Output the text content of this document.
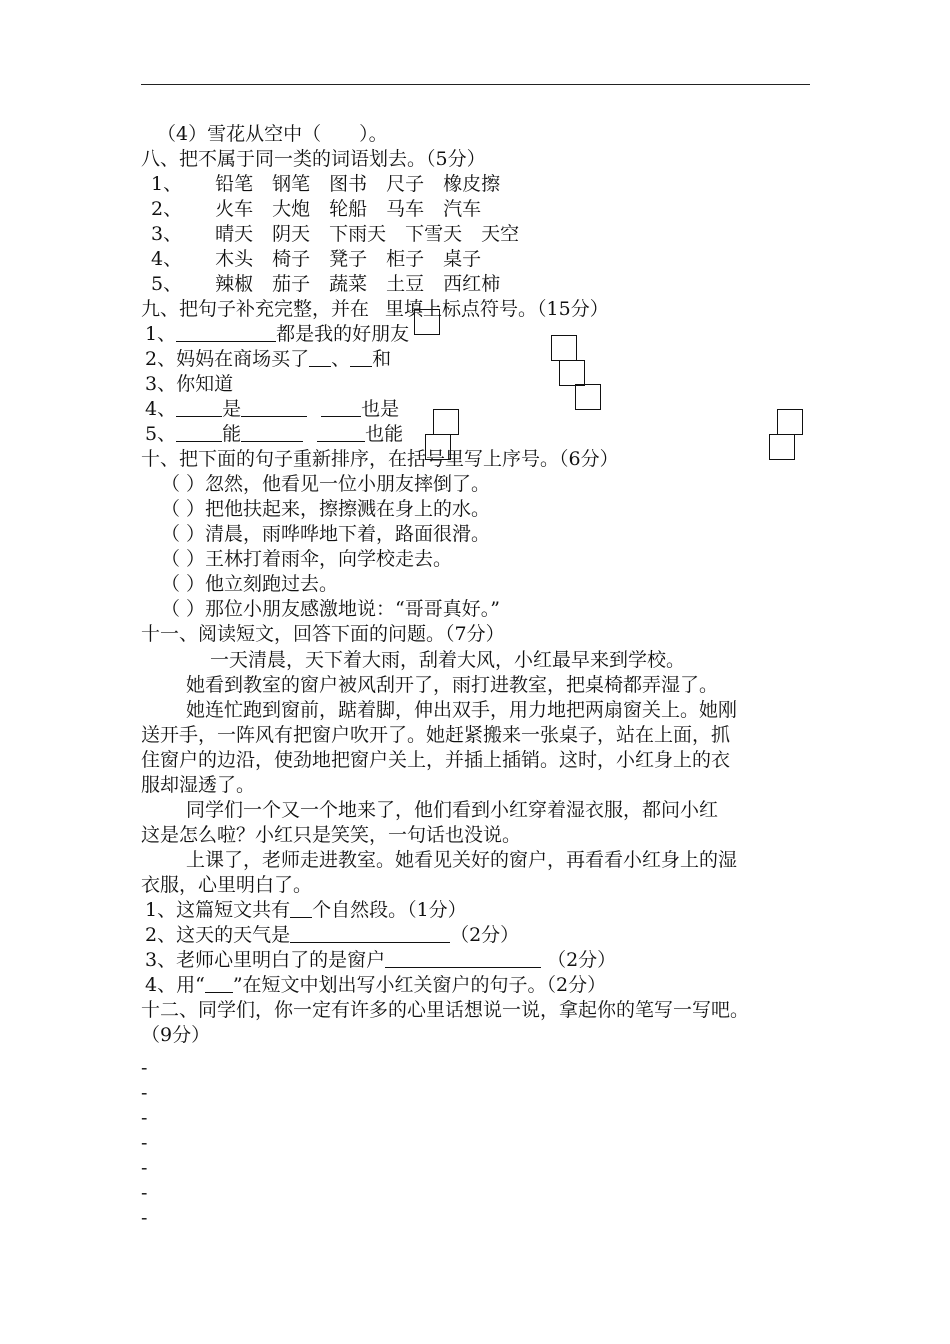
（4）雪花从空中（　　）。
八、把不属于同一类的词语划去。（5分）
1、 铅笔 钢笔 图书 尺子 橡皮擦
2、 火车 大炮 轮船 马车 汽车
3、 晴天 阴天 下雨天 下雪天 天空
4、 木头 椅子 凳子 柜子 桌子
5、 辣椒 茄子 蔬菜 土豆 西红柿
九、把句子补充完整，并在 里填上标点符号。（15分）
1、	都是我的好朋友
2、妈妈在商场买了 、 和
3、你知道
4、 是	也是
5、 能	也能
十、把下面的句子重新排序，在括号里写上序号。（6分）
（ ）忽然，他看见一位小朋友摔倒了。
（ ）把他扶起来，擦擦溅在身上的水。
（ ）清晨，雨哗哗地下着，路面很滑。
（ ）王林打着雨伞，向学校走去。
（ ）他立刻跑过去。
（ ）那位小朋友感激地说：“哥哥真好。”
十一、阅读短文，回答下面的问题。（7分）
一天清晨，天下着大雨，刮着大风，小红最早来到学校。
她看到教室的窗户被风刮开了，雨打进教室，把桌椅都弄湿了。
她连忙跑到窗前，踮着脚，伸出双手，用力地把两扇窗关上。她刚
送开手，一阵风有把窗户吹开了。她赶紧搬来一张桌子，站在上面，抓
住窗户的边沿，使劲地把窗户关上，并插上插销。这时，小红身上的衣
服却湿透了。
同学们一个又一个地来了，他们看到小红穿着湿衣服，都问小红
这是怎么啦？小红只是笑笑，一句话也没说。
上课了，老师走进教室。她看见关好的窗户，再看看小红身上的湿
衣服，心里明白了。
1、这篇短文共有 个自然段。（1分）
2、这天的天气是	（2分）
3、老师心里明白了的是窗户	（2分）
4、用“ ”在短文中划出写小红关窗户的句子。（2分）
十二、同学们，你一定有许多的心里话想说一说，拿起你的笔写一写吧。
（9分）
-
-
-
-
-
-
-
